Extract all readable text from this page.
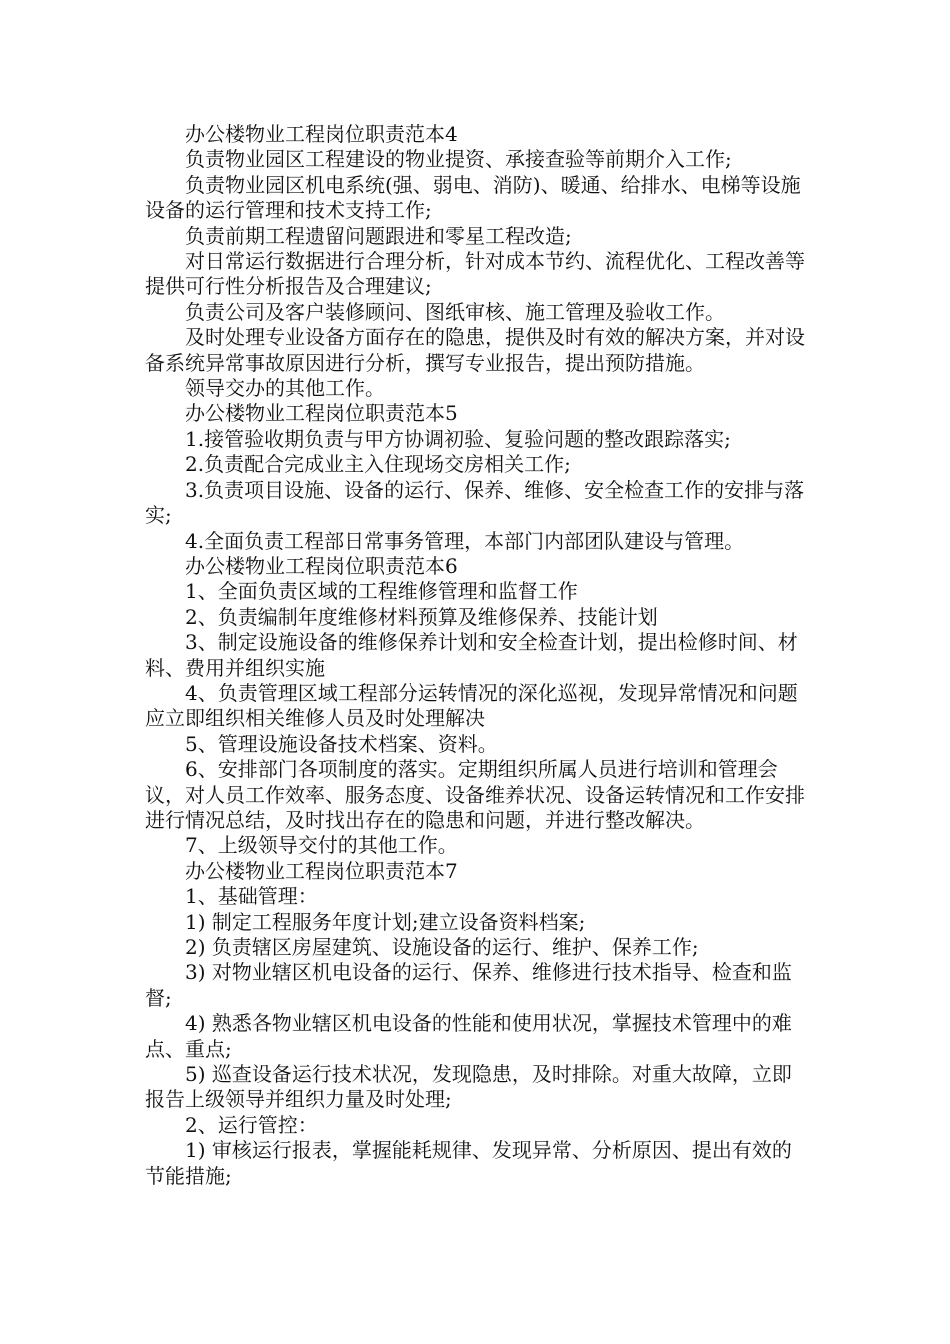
办公楼物业工程岗位职责范本4

负责物业园区工程建设的物业提资、承接查验等前期介入工作;

负责物业园区机电系统(强、弱电、消防)、暖通、给排水、电梯等设施设备的运行管理和技术支持工作;

负责前期工程遗留问题跟进和零星工程改造;

对日常运行数据进行合理分析，针对成本节约、流程优化、工程改善等提供可行性分析报告及合理建议;

负责公司及客户装修顾问、图纸审核、施工管理及验收工作。

及时处理专业设备方面存在的隐患，提供及时有效的解决方案，并对设备系统异常事故原因进行分析，撰写专业报告，提出预防措施。

领导交办的其他工作。

办公楼物业工程岗位职责范本5

1.接管验收期负责与甲方协调初验、复验问题的整改跟踪落实;

2.负责配合完成业主入住现场交房相关工作;

3.负责项目设施、设备的运行、保养、维修、安全检查工作的安排与落实;

4.全面负责工程部日常事务管理，本部门内部团队建设与管理。

办公楼物业工程岗位职责范本6

1、全面负责区域的工程维修管理和监督工作

2、负责编制年度维修材料预算及维修保养、技能计划

3、制定设施设备的维修保养计划和安全检查计划，提出检修时间、材料、费用并组织实施

4、负责管理区域工程部分运转情况的深化巡视，发现异常情况和问题应立即组织相关维修人员及时处理解决

5、管理设施设备技术档案、资料。

6、安排部门各项制度的落实。定期组织所属人员进行培训和管理会议，对人员工作效率、服务态度、设备维养状况、设备运转情况和工作安排进行情况总结，及时找出存在的隐患和问题，并进行整改解决。

7、上级领导交付的其他工作。

办公楼物业工程岗位职责范本7

1、基础管理：

1) 制定工程服务年度计划;建立设备资料档案;

2) 负责辖区房屋建筑、设施设备的运行、维护、保养工作;

3) 对物业辖区机电设备的运行、保养、维修进行技术指导、检查和监督;

4) 熟悉各物业辖区机电设备的性能和使用状况，掌握技术管理中的难点、重点;

5) 巡查设备运行技术状况，发现隐患，及时排除。对重大故障，立即报告上级领导并组织力量及时处理;

2、运行管控：

1) 审核运行报表，掌握能耗规律、发现异常、分析原因、提出有效的节能措施;
